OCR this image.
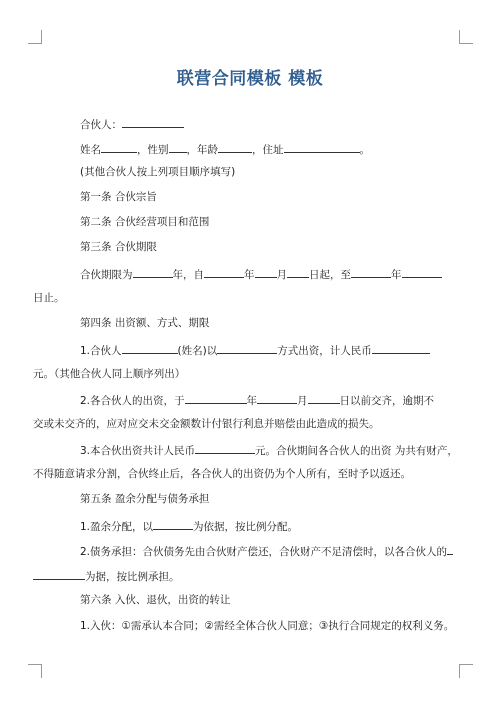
联营合同模板 模板
合伙人：
姓名	，性别 ，年龄	，住址	。
(其他合伙人按上列项目顺序填写)
第一条 合伙宗旨
第二条 合伙经营项目和范围
第三条 合伙期限
合伙期限为	年，自	年 月 日起，至	年
日止。
第四条 出资额、方式、期限
1.合伙人	(姓名)以	方式出资，计人民币
元。（其他合伙人同上顺序列出）
2.各合伙人的出资，于	年	月	日以前交齐，逾期不
交或未交齐的，应对应交未交金额数计付银行利息并赔偿由此造成的损失。
3.本合伙出资共计人民币	元。合伙期间各合伙人的出资 为共有财产，
不得随意请求分割，合伙终止后，各合伙人的出资仍为个人所有，至时予以返还。
第五条 盈余分配与债务承担
1.盈余分配，以	为依据，按比例分配。
2.债务承担：合伙债务先由合伙财产偿还，合伙财产不足清偿时，以各合伙人的
为据，按比例承担。
第六条 入伙、退伙，出资的转让
1.入伙：①需承认本合同；②需经全体合伙人同意；③执行合同规定的权利义务。
